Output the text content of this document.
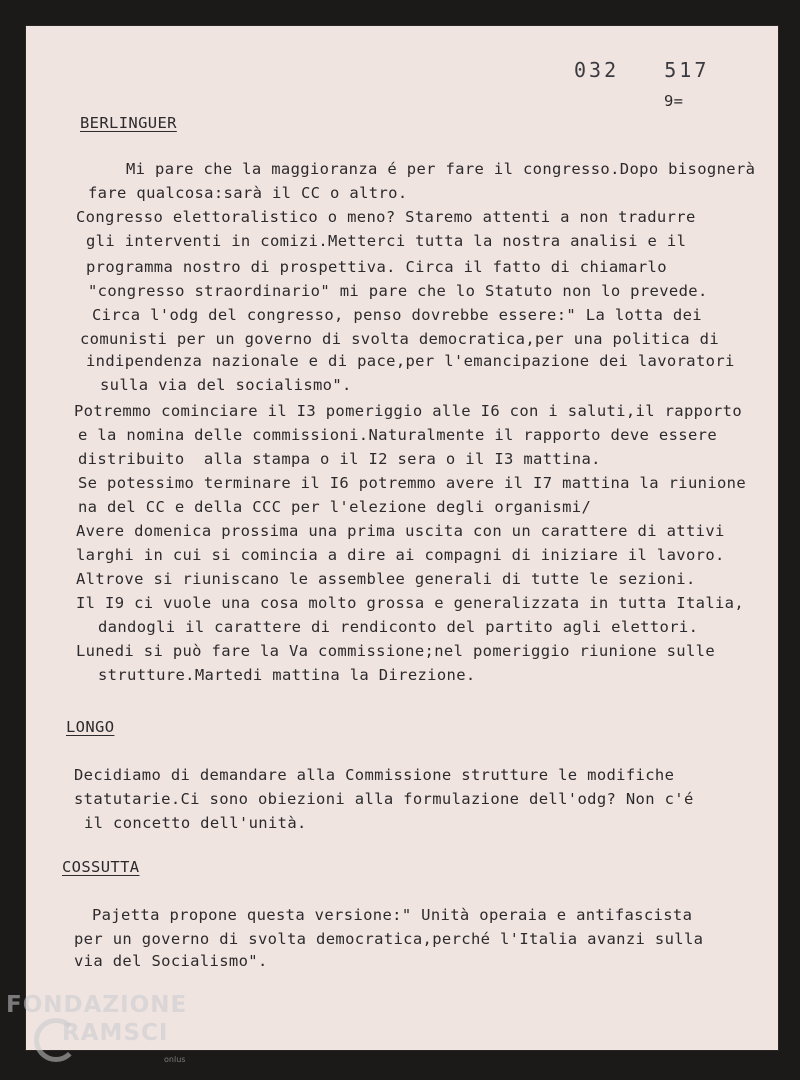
032   517
9=
BERLINGUER
Mi pare che la maggioranza é per fare il congresso.Dopo bisognerà
fare qualcosa:sarà il CC o altro.
Congresso elettoralistico o meno? Staremo attenti a non tradurre
gli interventi in comizi.Metterci tutta la nostra analisi e il
programma nostro di prospettiva. Circa il fatto di chiamarlo
"congresso straordinario" mi pare che lo Statuto non lo prevede.
Circa l'odg del congresso, penso dovrebbe essere:" La lotta dei
comunisti per un governo di svolta democratica,per una politica di
indipendenza nazionale e di pace,per l'emancipazione dei lavoratori
sulla via del socialismo".
Potremmo cominciare il I3 pomeriggio alle I6 con i saluti,il rapporto
e la nomina delle commissioni.Naturalmente il rapporto deve essere
distribuito  alla stampa o il I2 sera o il I3 mattina.
Se potessimo terminare il I6 potremmo avere il I7 mattina la riunione
na del CC e della CCC per l'elezione degli organismi/
Avere domenica prossima una prima uscita con un carattere di attivi
larghi in cui si comincia a dire ai compagni di iniziare il lavoro.
Altrove si riuniscano le assemblee generali di tutte le sezioni.
Il I9 ci vuole una cosa molto grossa e generalizzata in tutta Italia,
dandogli il carattere di rendiconto del partito agli elettori.
Lunedi si può fare la Va commissione;nel pomeriggio riunione sulle
strutture.Martedi mattina la Direzione.
LONGO
Decidiamo di demandare alla Commissione strutture le modifiche
statutarie.Ci sono obiezioni alla formulazione dell'odg? Non c'é
il concetto dell'unità.
COSSUTTA
Pajetta propone questa versione:" Unità operaia e antifascista
per un governo di svolta democratica,perché l'Italia avanzi sulla
via del Socialismo".
FONDAZIONE
RAMSCI
onlus
